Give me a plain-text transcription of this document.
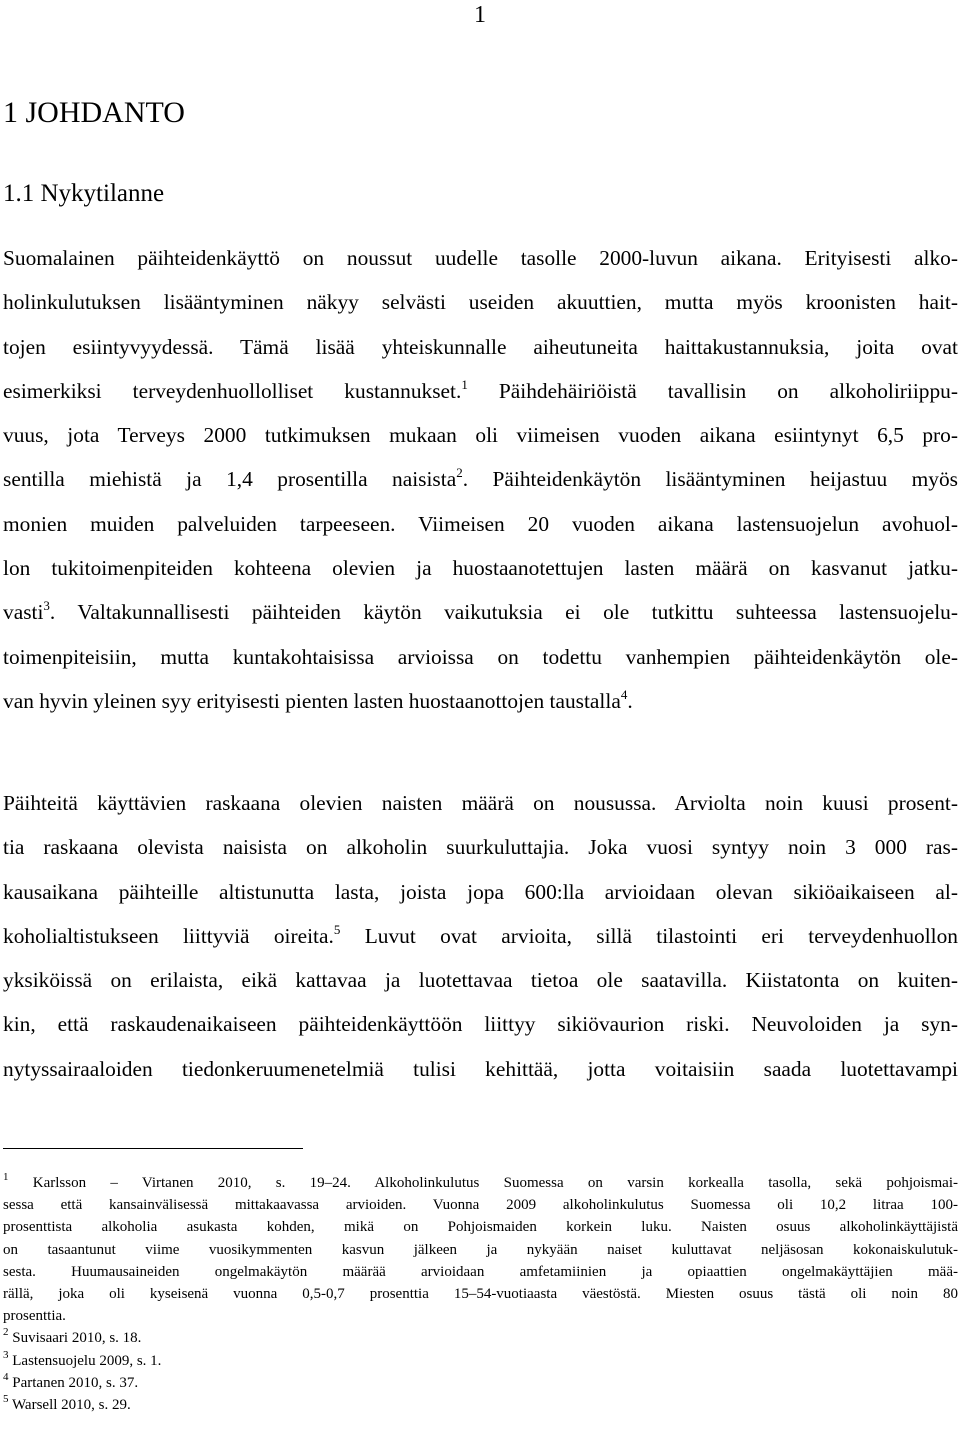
1
1 JOHDANTO
1.1 Nykytilanne
Suomalainen päihteidenkäyttö on noussut uudelle tasolle 2000-luvun aikana. Erityisesti alko-
holinkulutuksen lisääntyminen näkyy selvästi useiden akuuttien, mutta myös kroonisten hait-
tojen esiintyvyydessä. Tämä lisää yhteiskunnalle aiheutuneita haittakustannuksia, joita ovat
esimerkiksi terveydenhuollolliset kustannukset.$^1$ Päihdehäiriöistä tavallisin on alkoholiriippu-
vuus, jota Terveys 2000 tutkimuksen mukaan oli viimeisen vuoden aikana esiintynyt 6,5 pro-
sentilla miehistä ja 1,4 prosentilla naisista$^2$. Päihteidenkäytön lisääntyminen heijastuu myös
monien muiden palveluiden tarpeeseen. Viimeisen 20 vuoden aikana lastensuojelun avohuol-
lon tukitoimenpiteiden kohteena olevien ja huostaanotettujen lasten määrä on kasvanut jatku-
vasti$^3$. Valtakunnallisesti päihteiden käytön vaikutuksia ei ole tutkittu suhteessa lastensuojelu-
toimenpiteisiin, mutta kuntakohtaisissa arvioissa on todettu vanhempien päihteidenkäytön ole-
van hyvin yleinen syy erityisesti pienten lasten huostaanottojen taustalla$^4$.
Päihteitä käyttävien raskaana olevien naisten määrä on nousussa. Arviolta noin kuusi prosent-
tia raskaana olevista naisista on alkoholin suurkuluttajia. Joka vuosi syntyy noin 3 000 ras-
kausaikana päihteille altistunutta lasta, joista jopa 600:lla arvioidaan olevan sikiöaikaiseen al-
koholialtistukseen liittyviä oireita.$^5$ Luvut ovat arvioita, sillä tilastointi eri terveydenhuollon
yksiköissä on erilaista, eikä kattavaa ja luotettavaa tietoa ole saatavilla. Kiistatonta on kuiten-
kin, että raskaudenaikaiseen päihteidenkäyttöön liittyy sikiövaurion riski. Neuvoloiden ja syn-
nytyssairaaloiden tiedonkeruumenetelmiä tulisi kehittää, jotta voitaisiin saada luotettavampi
$^1$ Karlsson – Virtanen 2010, s. 19–24. Alkoholinkulutus Suomessa on varsin korkealla tasolla, sekä pohjoismai-
sessa että kansainvälisessä mittakaavassa arvioiden. Vuonna 2009 alkoholinkulutus Suomessa oli 10,2 litraa 100-
prosenttista alkoholia asukasta kohden, mikä on Pohjoismaiden korkein luku. Naisten osuus alkoholinkäyttäjistä
on tasaantunut viime vuosikymmenten kasvun jälkeen ja nykyään naiset kuluttavat neljäsosan kokonaiskulutuk-
sesta. Huumausaineiden ongelmakäytön määrää arvioidaan amfetamiinien ja opiaattien ongelmakäyttäjien mää-
rällä, joka oli kyseisenä vuonna 0,5-0,7 prosenttia 15–54-vuotiaasta väestöstä. Miesten osuus tästä oli noin 80
prosenttia.
$^2$ Suvisaari 2010, s. 18.
$^3$ Lastensuojelu 2009, s. 1.
$^4$ Partanen 2010, s. 37.
$^5$ Warsell 2010, s. 29.
